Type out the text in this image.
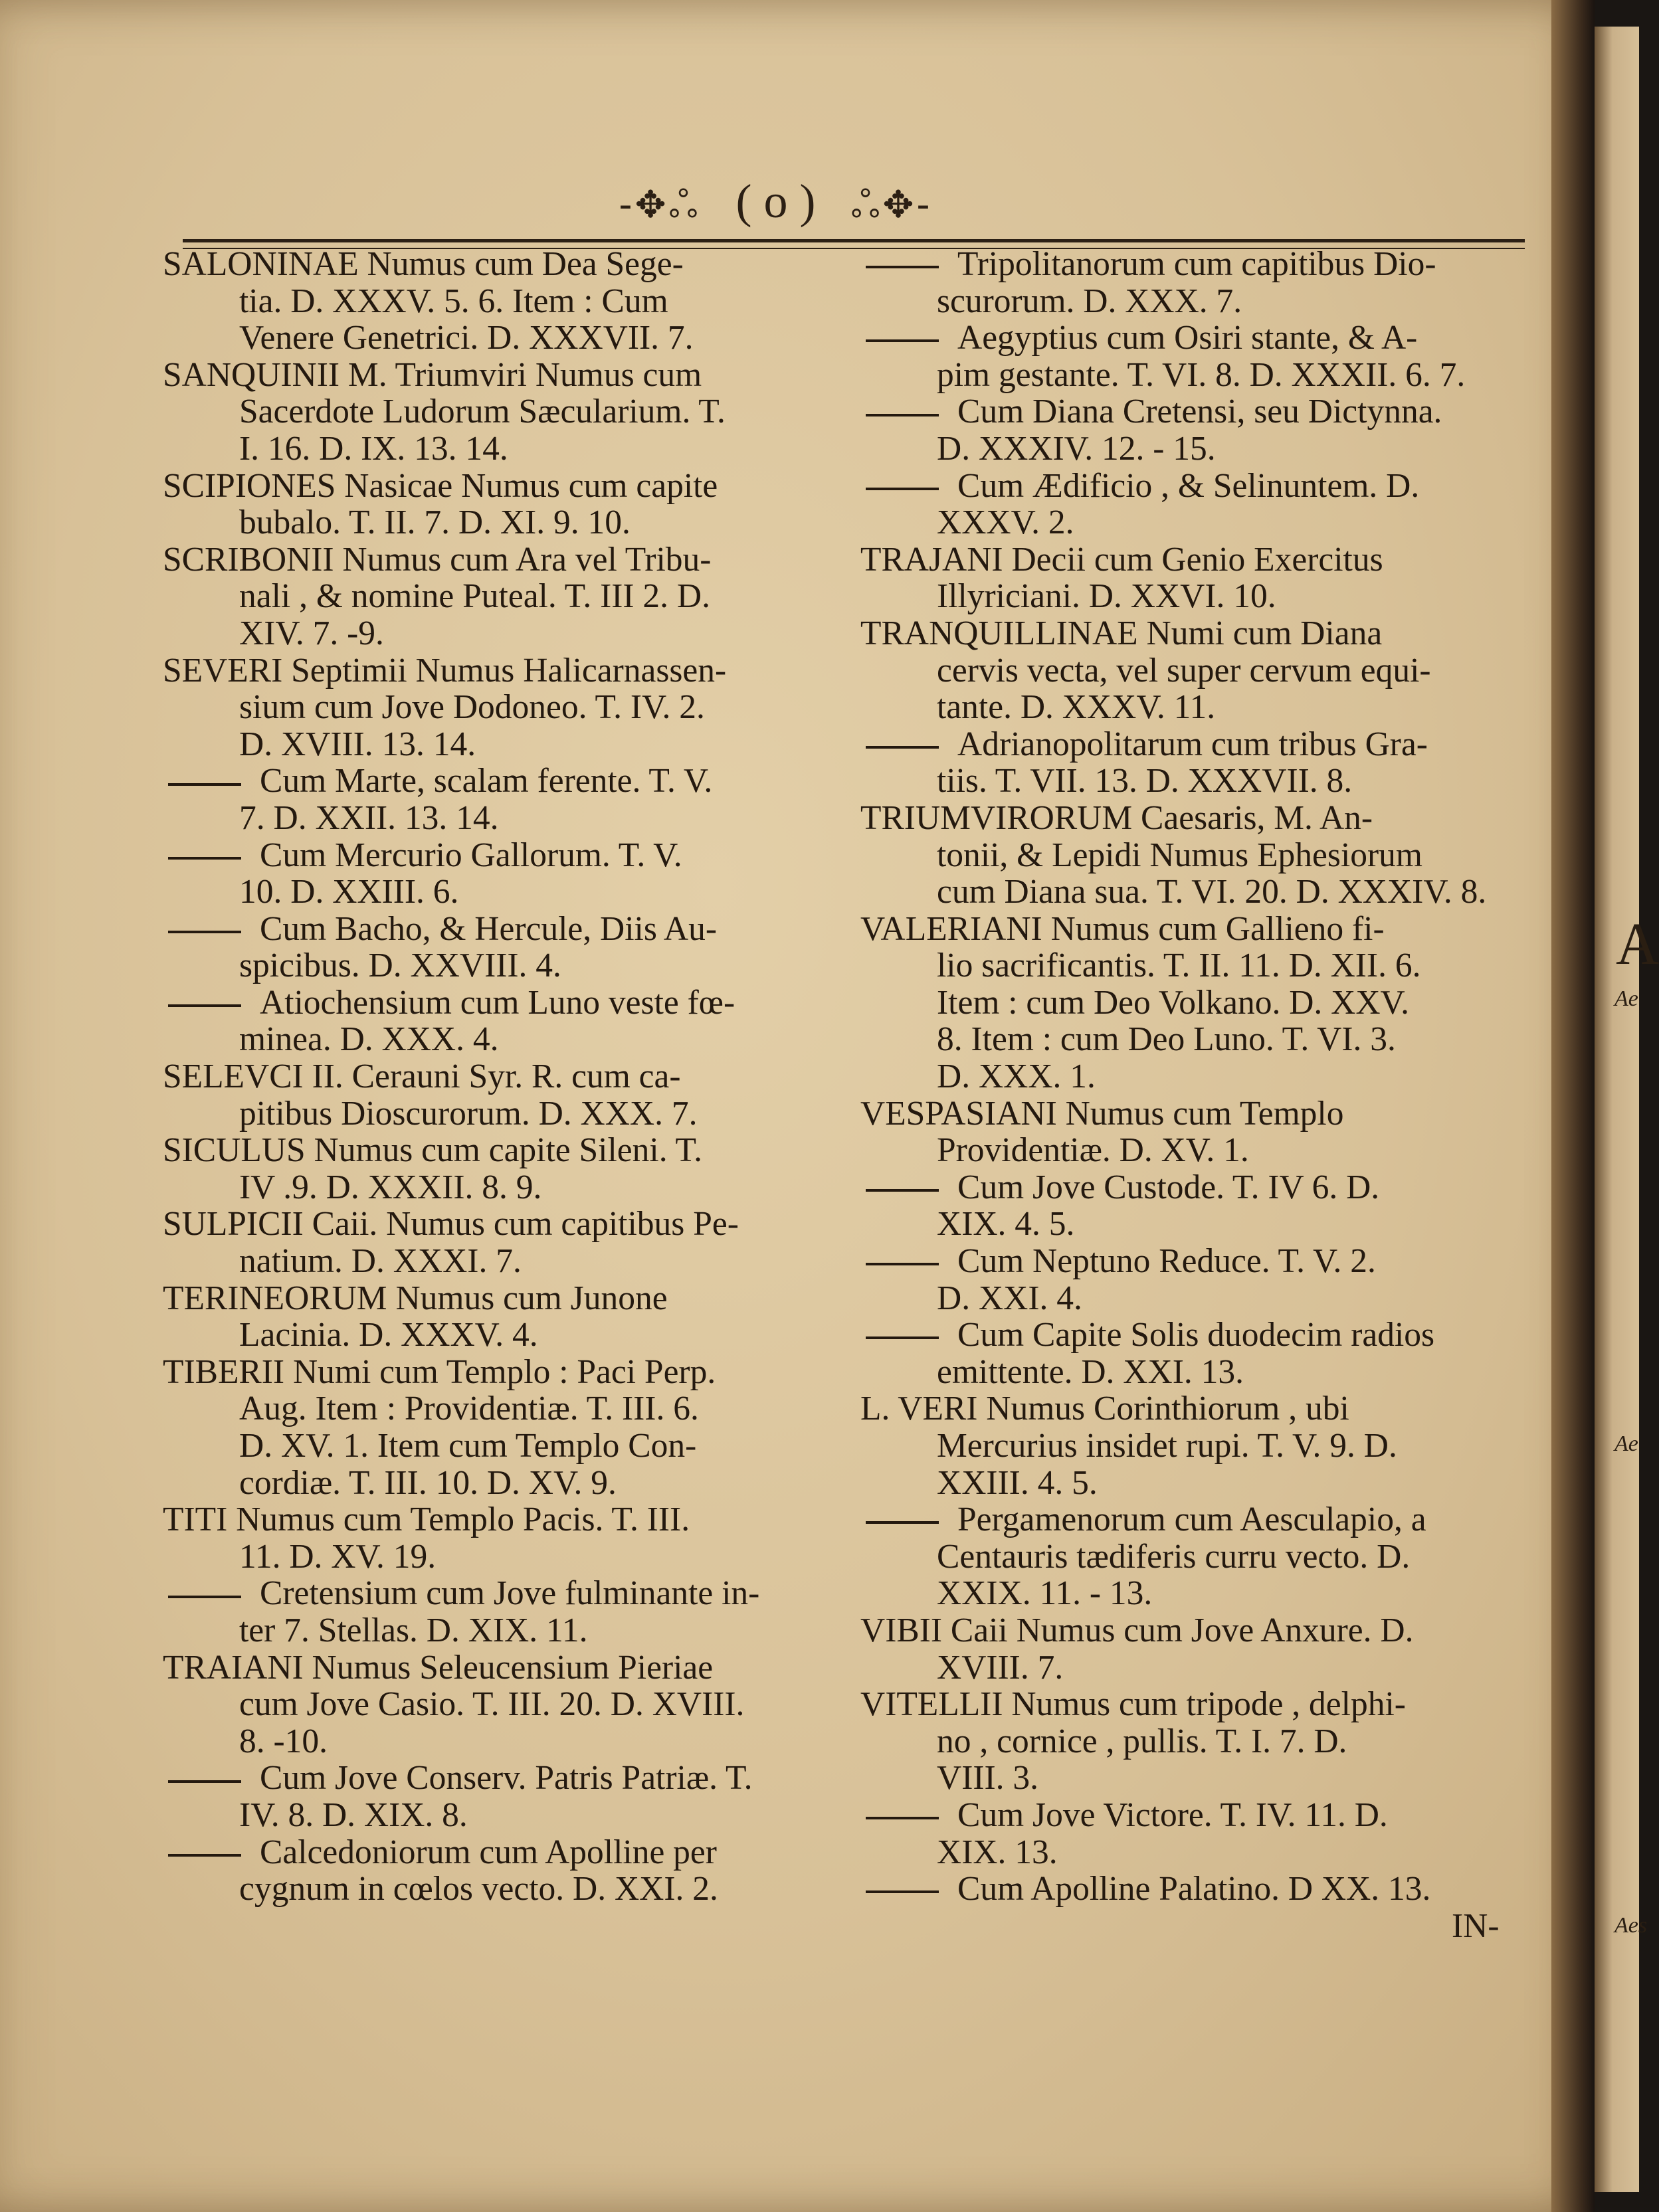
A
Ae
Ae
Aes
-✥ஃ ( o ) ஃ✥-
SALONINAE Numus cum Dea Sege-
tia. D. XXXV. 5. 6. Item : Cum
Venere Genetrici. D. XXXVII. 7.
SANQUINII M. Triumviri Numus cum
Sacerdote Ludorum Sæcularium. T.
I. 16. D. IX. 13. 14.
SCIPIONES Nasicae Numus cum capite
bubalo. T. II. 7. D. XI. 9. 10.
SCRIBONII Numus cum Ara vel Tribu-
nali , & nomine Puteal. T. III 2. D.
XIV. 7. -9.
SEVERI Septimii Numus Halicarnassen-
sium cum Jove Dodoneo. T. IV. 2.
D. XVIII. 13. 14.
Cum Marte, scalam ferente. T. V.
7. D. XXII. 13. 14.
Cum Mercurio Gallorum. T. V.
10. D. XXIII. 6.
Cum Bacho, & Hercule, Diis Au-
spicibus. D. XXVIII. 4.
Atiochensium cum Luno veste fœ-
minea. D. XXX. 4.
SELEVCI II. Cerauni Syr. R. cum ca-
pitibus Dioscurorum. D. XXX. 7.
SICULUS Numus cum capite Sileni. T.
IV .9. D. XXXII. 8. 9.
SULPICII Caii. Numus cum capitibus Pe-
natium. D. XXXI. 7.
TERINEORUM Numus cum Junone
Lacinia. D. XXXV. 4.
TIBERII Numi cum Templo : Paci Perp.
Aug. Item : Providentiæ. T. III. 6.
D. XV. 1. Item cum Templo Con-
cordiæ. T. III. 10. D. XV. 9.
TITI Numus cum Templo Pacis. T. III.
11. D. XV. 19.
Cretensium cum Jove fulminante in-
ter 7. Stellas. D. XIX. 11.
TRAIANI Numus Seleucensium Pieriae
cum Jove Casio. T. III. 20. D. XVIII.
8. -10.
Cum Jove Conserv. Patris Patriæ. T.
IV. 8. D. XIX. 8.
Calcedoniorum cum Apolline per
cygnum in cœlos vecto. D. XXI. 2.
Tripolitanorum cum capitibus Dio-
scurorum. D. XXX. 7.
Aegyptius cum Osiri stante, & A-
pim gestante. T. VI. 8. D. XXXII. 6. 7.
Cum Diana Cretensi, seu Dictynna.
D. XXXIV. 12. - 15.
Cum Ædificio , & Selinuntem. D.
XXXV. 2.
TRAJANI Decii cum Genio Exercitus
Illyriciani. D. XXVI. 10.
TRANQUILLINAE Numi cum Diana
cervis vecta, vel super cervum equi-
tante. D. XXXV. 11.
Adrianopolitarum cum tribus Gra-
tiis. T. VII. 13. D. XXXVII. 8.
TRIUMVIRORUM Caesaris, M. An-
tonii, & Lepidi Numus Ephesiorum
cum Diana sua. T. VI. 20. D. XXXIV. 8.
VALERIANI Numus cum Gallieno fi-
lio sacrificantis. T. II. 11. D. XII. 6.
Item : cum Deo Volkano. D. XXV.
8. Item : cum Deo Luno. T. VI. 3.
D. XXX. 1.
VESPASIANI Numus cum Templo
Providentiæ. D. XV. 1.
Cum Jove Custode. T. IV 6. D.
XIX. 4. 5.
Cum Neptuno Reduce. T. V. 2.
D. XXI. 4.
Cum Capite Solis duodecim radios
emittente. D. XXI. 13.
L. VERI Numus Corinthiorum , ubi
Mercurius insidet rupi. T. V. 9. D.
XXIII. 4. 5.
Pergamenorum cum Aesculapio, a
Centauris tædiferis curru vecto. D.
XXIX. 11. - 13.
VIBII Caii Numus cum Jove Anxure. D.
XVIII. 7.
VITELLII Numus cum tripode , delphi-
no , cornice , pullis. T. I. 7. D.
VIII. 3.
Cum Jove Victore. T. IV. 11. D.
XIX. 13.
Cum Apolline Palatino. D XX. 13.
IN-
